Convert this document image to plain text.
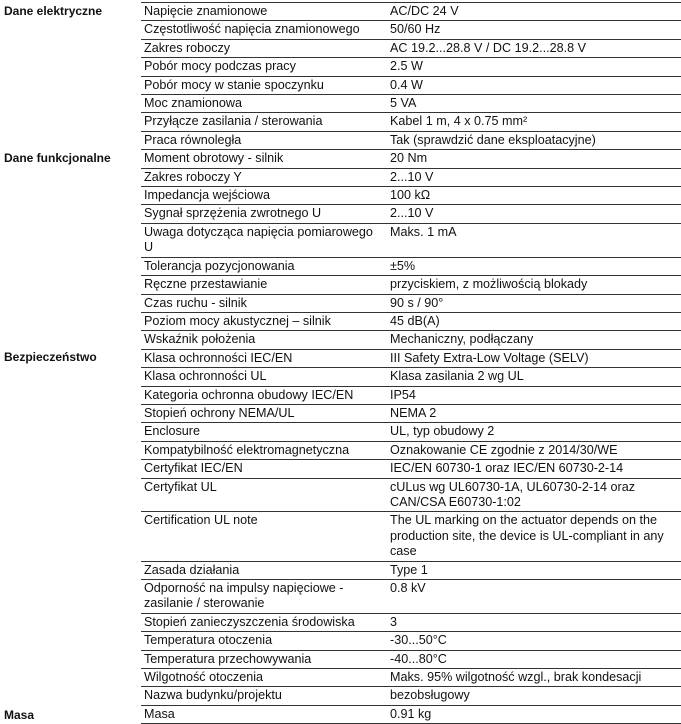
Dane elektryczne	Napięcie znamionowe	AC/DC 24 V
	Częstotliwość napięcia znamionowego	50/60 Hz
	Zakres roboczy	AC 19.2...28.8 V / DC 19.2...28.8 V
	Pobór mocy podczas pracy	2.5 W
	Pobór mocy w stanie spoczynku	0.4 W
	Moc znamionowa	5 VA
	Przyłącze zasilania / sterowania	Kabel 1 m, 4 x 0.75 mm²
	Praca równoległa	Tak (sprawdzić dane eksploatacyjne)
Dane funkcjonalne	Moment obrotowy - silnik	20 Nm
	Zakres roboczy Y	2...10 V
	Impedancja wejściowa	100 kΩ
	Sygnał sprzężenia zwrotnego U	2...10 V
	Uwaga dotycząca napięcia pomiarowego U	Maks. 1 mA
	Tolerancja pozycjonowania	±5%
	Ręczne przestawianie	przyciskiem, z możliwością blokady
	Czas ruchu - silnik	90 s / 90°
	Poziom mocy akustycznej – silnik	45 dB(A)
	Wskaźnik położenia	Mechaniczny, podłączany
Bezpieczeństwo	Klasa ochronności IEC/EN	III Safety Extra-Low Voltage (SELV)
	Klasa ochronności UL	Klasa zasilania 2 wg UL
	Kategoria ochronna obudowy IEC/EN	IP54
	Stopień ochrony NEMA/UL	NEMA 2
	Enclosure	UL, typ obudowy 2
	Kompatybilność elektromagnetyczna	Oznakowanie CE zgodnie z 2014/30/WE
	Certyfikat IEC/EN	IEC/EN 60730-1 oraz IEC/EN 60730-2-14
	Certyfikat UL	cULus wg UL60730-1A, UL60730-2-14 oraz CAN/CSA E60730-1:02
	Certification UL note	The UL marking on the actuator depends on the production site, the device is UL-compliant in any case
	Zasada działania	Type 1
	Odporność na impulsy napięciowe - zasilanie / sterowanie	0.8 kV
	Stopień zanieczyszczenia środowiska	3
	Temperatura otoczenia	-30...50°C
	Temperatura przechowywania	-40...80°C
	Wilgotność otoczenia	Maks. 95% wilgotność wzgl., brak kondesacji
	Nazwa budynku/projektu	bezobsługowy
Masa	Masa	0.91 kg
